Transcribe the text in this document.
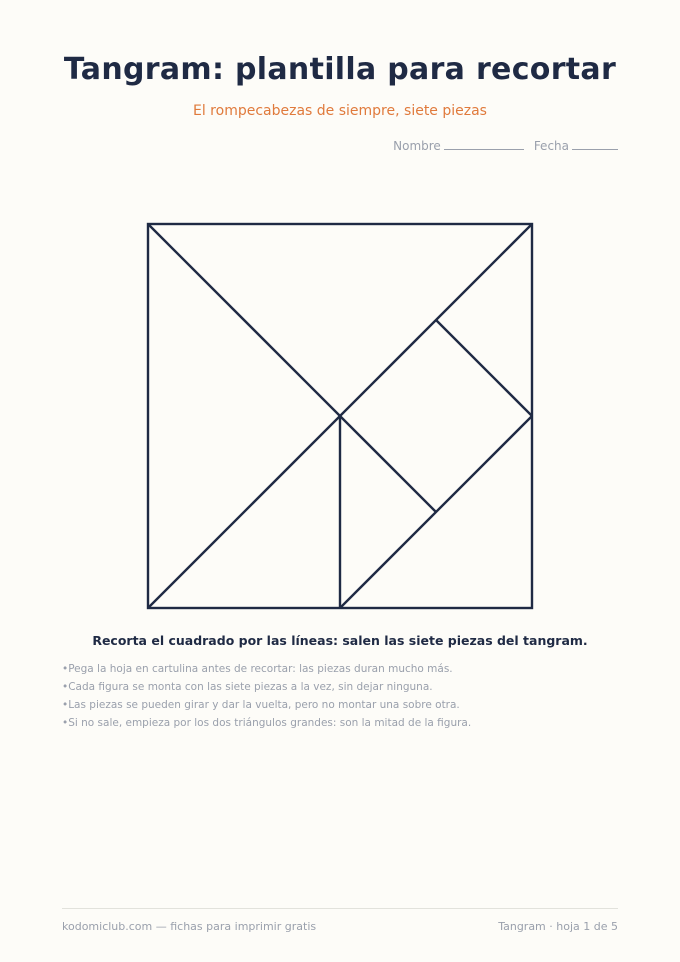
Tangram: plantilla para recortar
El rompecabezas de siempre, siete piezas
Nombre	Fecha
Recorta el cuadrado por las líneas: salen las siete piezas del tangram.
• Pega la hoja en cartulina antes de recortar: las piezas duran mucho más.
• Cada figura se monta con las siete piezas a la vez, sin dejar ninguna.
• Las piezas se pueden girar y dar la vuelta, pero no montar una sobre otra.
• Si no sale, empieza por los dos triángulos grandes: son la mitad de la figura.
kodomiclub.com — fichas para imprimir gratis	Tangram · hoja 1 de 5
